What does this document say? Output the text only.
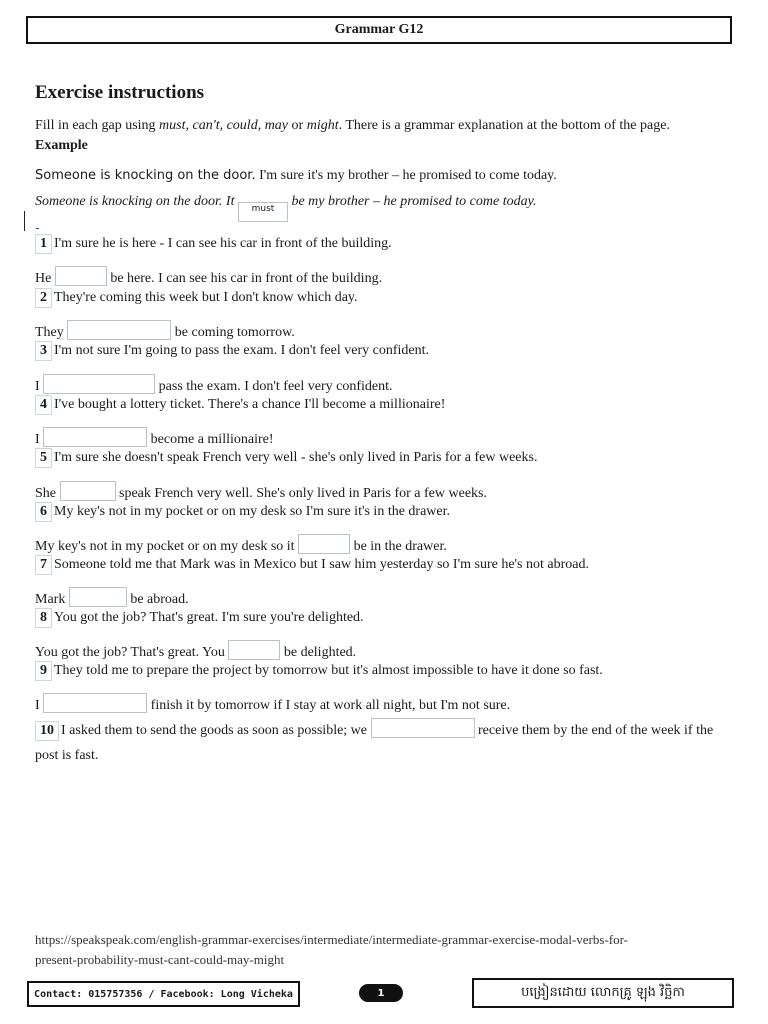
Grammar G12
Exercise instructions
Fill in each gap using must, can't, could, may or might. There is a grammar explanation at the bottom of the page.
Example
Someone is knocking on the door. I'm sure it's my brother – he promised to come today.
Someone is knocking on the door. It must be my brother – he promised to come today.
1 I'm sure he is here - I can see his car in front of the building.
He	be here. I can see his car in front of the building.
2 They're coming this week but I don't know which day.
They	be coming tomorrow.
3 I'm not sure I'm going to pass the exam. I don't feel very confident.
I	pass the exam. I don't feel very confident.
4 I've bought a lottery ticket. There's a chance I'll become a millionaire!
I	become a millionaire!
5 I'm sure she doesn't speak French very well - she's only lived in Paris for a few weeks.
She	speak French very well. She's only lived in Paris for a few weeks.
6 My key's not in my pocket or on my desk so I'm sure it's in the drawer.
My key's not in my pocket or on my desk so it	be in the drawer.
7 Someone told me that Mark was in Mexico but I saw him yesterday so I'm sure he's not abroad.
Mark	be abroad.
8 You got the job? That's great. I'm sure you're delighted.
You got the job? That's great. You	be delighted.
9 They told me to prepare the project by tomorrow but it's almost impossible to have it done so fast.
I	finish it by tomorrow if I stay at work all night, but I'm not sure.
10 I asked them to send the goods as soon as possible; we	receive them by the end of the week if the
post is fast.
https://speakspeak.com/english-grammar-exercises/intermediate/intermediate-grammar-exercise-modal-verbs-for-
present-probability-must-cant-could-may-might
Contact: 015757356 / Facebook: Long Vicheka	1	បង្រៀនដោយ លោកគ្រូ ឡុង វិចិ្ឆកា
